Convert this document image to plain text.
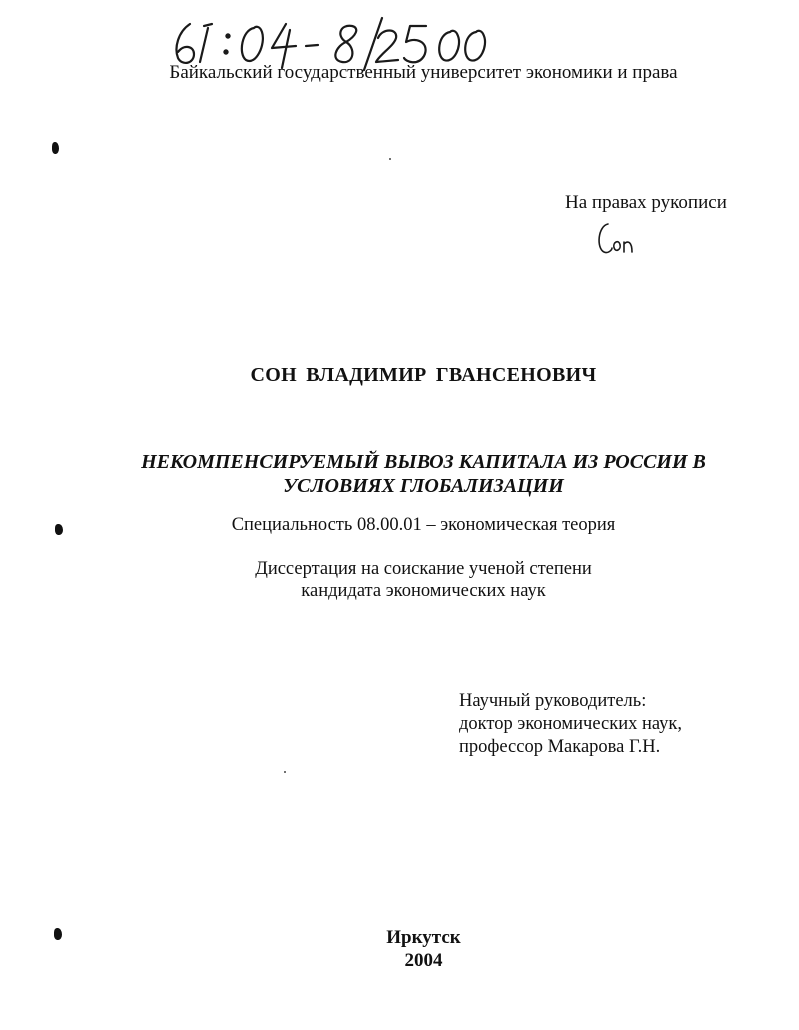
Байкальский государственный университет экономики и права
На правах рукописи
СОН ВЛАДИМИР ГВАНСЕНОВИЧ
НЕКОМПЕНСИРУЕМЫЙ ВЫВОЗ КАПИТАЛА ИЗ РОССИИ В
УСЛОВИЯХ ГЛОБАЛИЗАЦИИ
Специальность 08.00.01 – экономическая теория
Диссертация на соискание ученой степени
кандидата экономических наук
Научный руководитель:
доктор экономических наук,
профессор Макарова Г.Н.
Иркутск
2004
